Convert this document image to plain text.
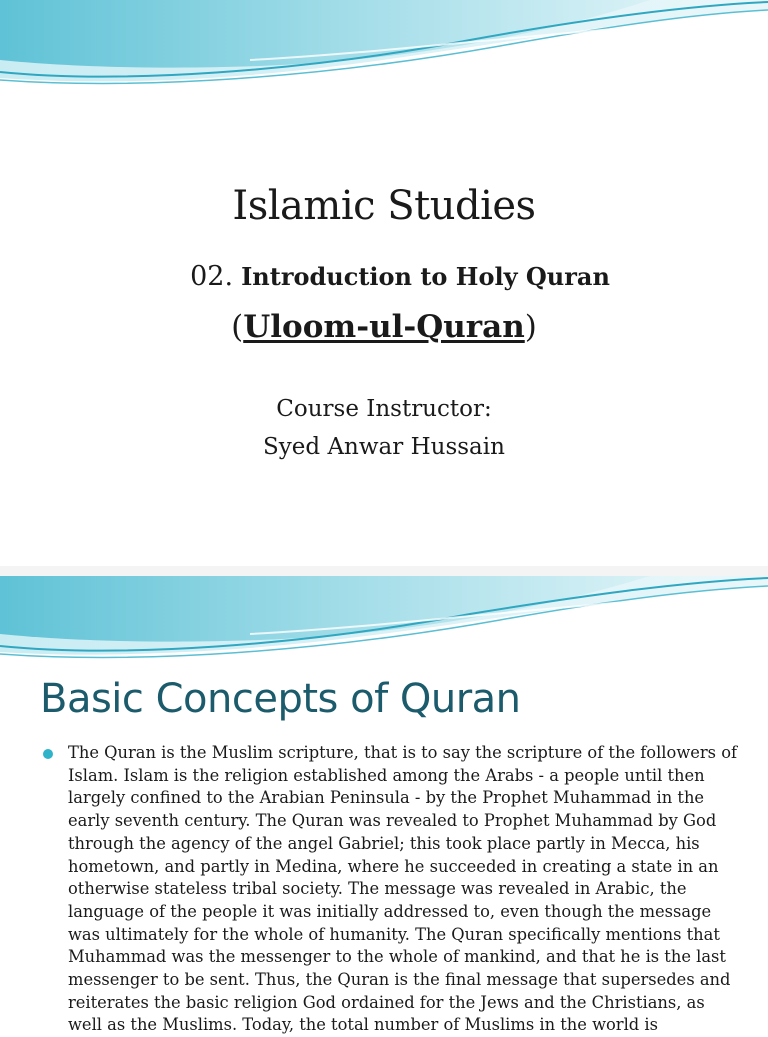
Islamic Studies
02. Introduction to Holy Quran
(Uloom-ul-Quran)
Course Instructor:
Syed Anwar Hussain
Basic Concepts of Quran

The Quran is the Muslim scripture, that is to say the scripture of the followers of Islam. Islam is the religion established among the Arabs - a people until then largely confined to the Arabian Peninsula - by the Prophet Muhammad in the early seventh century. The Quran was revealed to Prophet Muhammad by God through the agency of the angel Gabriel; this took place partly in Mecca, his hometown, and partly in Medina, where he succeeded in creating a state in an otherwise stateless tribal society. The message was revealed in Arabic, the language of the people it was initially addressed to, even though the message was ultimately for the whole of humanity. The Quran specifically mentions that Muhammad was the messenger to the whole of mankind, and that he is the last messenger to be sent. Thus, the Quran is the final message that supersedes and reiterates the basic religion God ordained for the Jews and the Christians, as well as the Muslims. Today, the total number of Muslims in the world is
